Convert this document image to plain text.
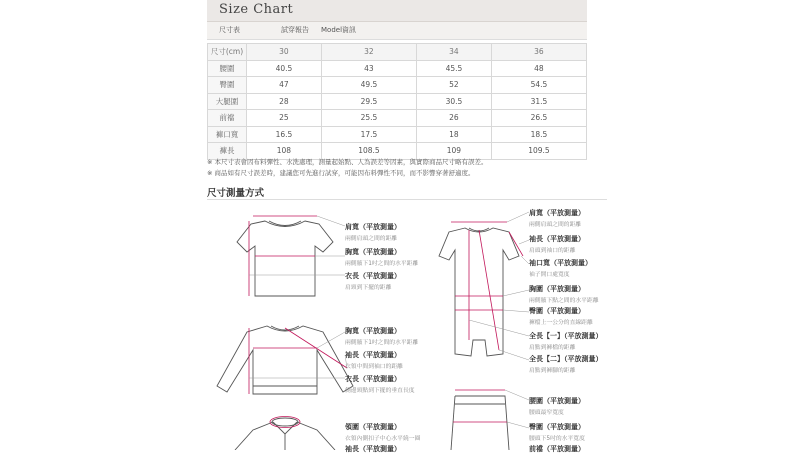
Size Chart
尺寸表	試穿報告 Model資訊
尺寸(cm)	30	32	34	36
腰圍	40.5	43	45.5	48
臀圍	47	49.5	52	54.5
大腿圍	28	29.5	30.5	31.5
前襠	25	25.5	26	26.5
褲口寬	16.5	17.5	18	18.5
褲長	108	108.5	109	109.5
※ 本尺寸表會因布料彈性、水洗處理，測量起始點、人為誤差等因素，與實際商品尺寸略有誤差。
※ 商品如有尺寸誤差時，建議您可先進行試穿，可能因布料彈性不同，而不影響穿著舒適度。
尺寸測量方式
肩寬（平放測量）
兩側肩頭之間的距離
胸寬（平放測量）
兩側腋下1吋之間的水平距離
衣長（平放測量）
肩頸到下擺的距離
胸寬（平放測量）
兩側腋下1吋之間的水平距離
袖長（平放測量）
衣領中間到袖口的距離
衣長（平放測量）
側邊頸點到下擺的垂直長度
領圍（平放測量）
衣領內側扣子中心水平繞一圈
袖長（平放測量）
肩寬（平放測量）
兩側肩頭之間的距離
袖長（平放測量）
肩頭到袖口的距離
袖口寬（平放測量）
袖子開口處寬度
胸圍（平放測量）
兩側腋下點之間的水平距離
臀圍（平放測量）
褲檔上一公分的直線距離
全長【一】（平放測量）
肩點到褲檔的距離
全長【二】（平放測量）
肩點到褲腳的距離
腰圍（平放測量）
腰頭最窄寬度
臀圍（平放測量）
腰頭下5吋的水平寬度
前襠（平放測量）
